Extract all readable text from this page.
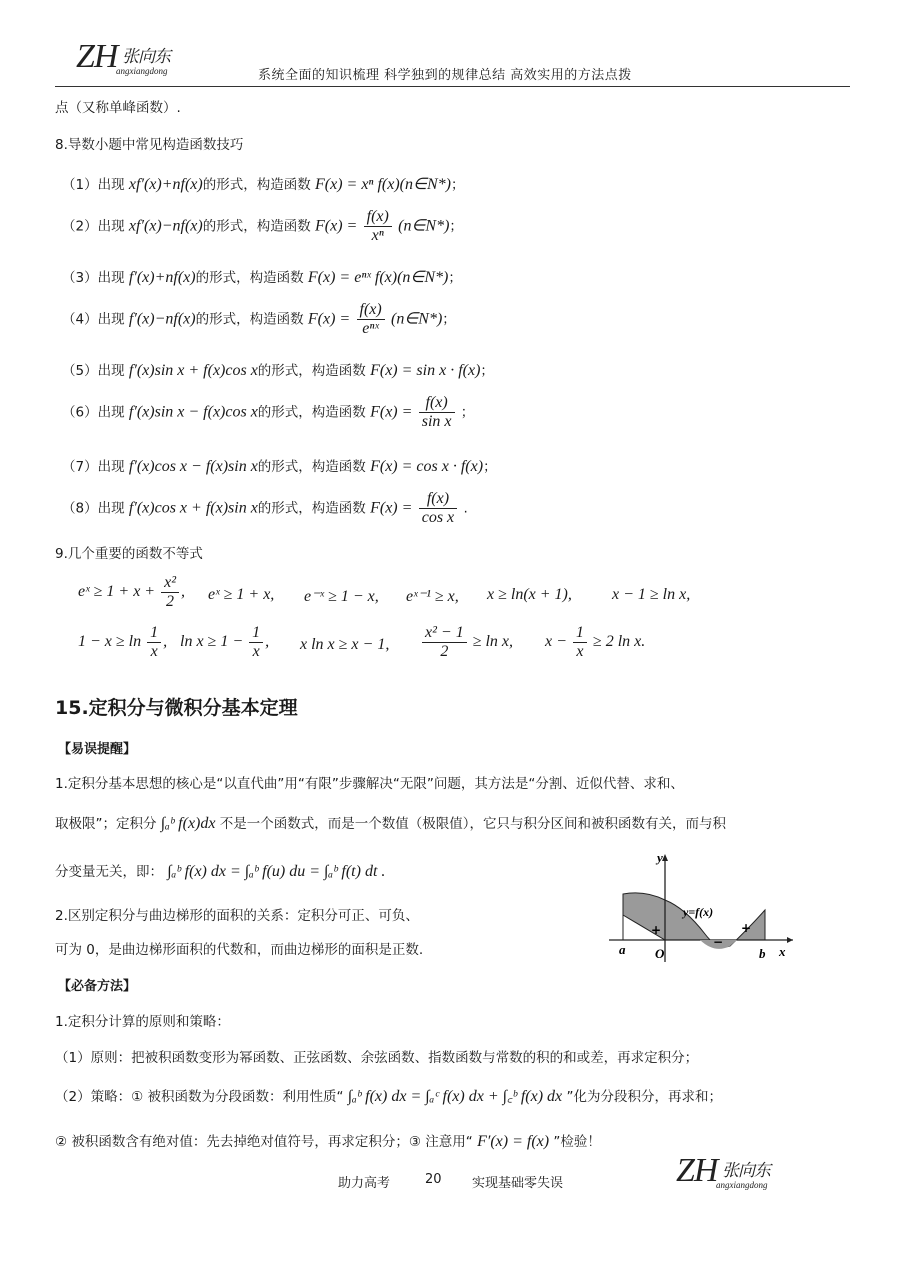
ZH 张向东
angxiangdong	系统全面的知识梳理 科学独到的规律总结 高效实用的方法点拨
点（又称单峰函数）.
8.导数小题中常见构造函数技巧
（1）出现 xf′(x)+nf(x)的形式，构造函数 F(x) = xⁿ f(x)(n∈N*)；
（2）出现 xf′(x)−nf(x)的形式，构造函数 $F(x) = \frac{f(x)}{\text{xⁿ}}$ (n∈N*)；
（3）出现 f′(x)+nf(x)的形式，构造函数 F(x) = eⁿˣ f(x)(n∈N*)；
（4）出现 f′(x)−nf(x)的形式，构造函数 $F(x) = \frac{f(x)}{\text{eⁿˣ}}$ (n∈N*)；
（5）出现 f′(x)sin x + f(x)cos x的形式，构造函数 F(x) = sin x · f(x)；
（6）出现 f′(x)sin x − f(x)cos x的形式，构造函数 $F(x) = \frac{f(x)}{\text{sin x}}$ ；
（7）出现 f′(x)cos x − f(x)sin x的形式，构造函数 F(x) = cos x · f(x)；
（8）出现 f′(x)cos x + f(x)sin x的形式，构造函数 $F(x) = \frac{f(x)}{\text{cos x}}$ .
9.几个重要的函数不等式
eˣ ≥ $1 + x + \frac{\text{x²}}{2}$ , eˣ ≥ 1 + x, e⁻ˣ ≥ 1 − x, eˣ⁻¹ ≥ x, x ≥ ln(x + 1),	x − 1 ≥ ln x,
$1 - x \ge \ln \frac{1}{x}$ , $\ln x \ge 1 - \frac{1}{x}$ , x ln x ≥ x − 1, $\frac{\text{x² − 1}}{2} \ge \ln x$, $x - \frac{1}{x} \ge 2$ ln x.
15.定积分与微积分基本定理
【易误提醒】
1.定积分基本思想的核心是“以直代曲”用“有限”步骤解决“无限”问题，其方法是“分割、近似代替、求和、
取极限”；定积分 ∫ₐᵇ f(x)dx 不是一个函数式，而是一个数值（极限值），它只与积分区间和被积函数有关，而与积
分变量无关，即： ∫ₐᵇ f(x) dx = ∫ₐᵇ f(u) du = ∫ₐᵇ f(t) dt .
2.区别定积分与曲边梯形的面积的关系：定积分可正、可负、
可为 0，是曲边梯形面积的代数和，而曲边梯形的面积是正数.
y
x
y=f(x)
a O	b
+
−
+
【必备方法】
1.定积分计算的原则和策略：
（1）原则：把被积函数变形为幂函数、正弦函数、余弦函数、指数函数与常数的积的和或差，再求定积分；
（2）策略：① 被积函数为分段函数：利用性质“ ∫ₐᵇ f(x) dx = ∫ₐᶜ f(x) dx + ∫꜀ᵇ f(x) dx ”化为分段积分，再求和；
② 被积函数含有绝对值：先去掉绝对值符号，再求定积分；③ 注意用“ F′(x) = f(x) ”检验！
助力高考	20 实现基础零失误	ZH 张向东
angxiangdong
